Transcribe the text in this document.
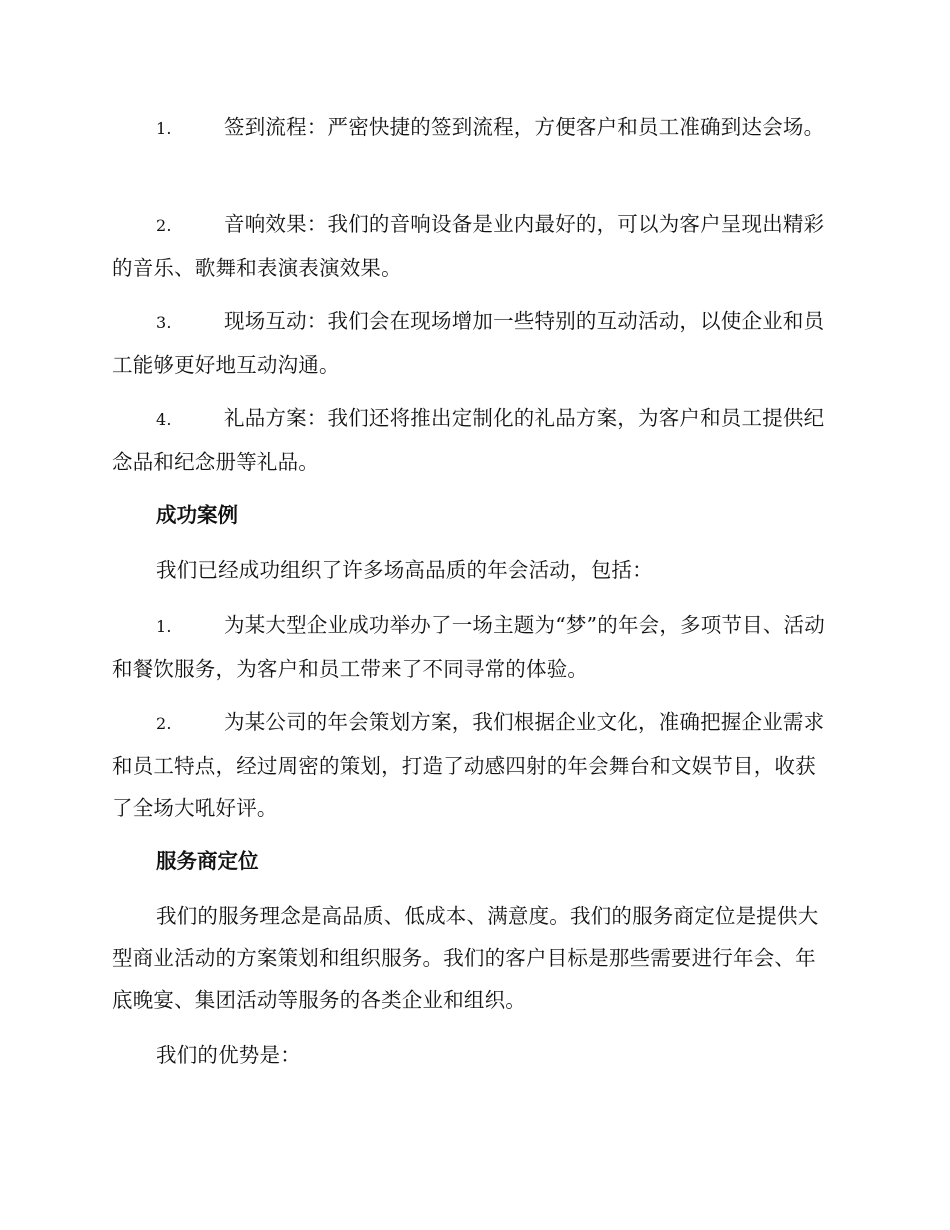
1.	签到流程：严密快捷的签到流程，方便客户和员工准确到达会场。
2.	音响效果：我们的音响设备是业内最好的，可以为客户呈现出精彩的音乐、歌舞和表演表演效果。
3.	现场互动：我们会在现场增加一些特别的互动活动，以使企业和员工能够更好地互动沟通。
4.	礼品方案：我们还将推出定制化的礼品方案，为客户和员工提供纪念品和纪念册等礼品。
成功案例
我们已经成功组织了许多场高品质的年会活动，包括：
1.	为某大型企业成功举办了一场主题为“梦”的年会，多项节目、活动和餐饮服务，为客户和员工带来了不同寻常的体验。
2.	为某公司的年会策划方案，我们根据企业文化，准确把握企业需求和员工特点，经过周密的策划，打造了动感四射的年会舞台和文娱节目，收获了全场大吼好评。
服务商定位
我们的服务理念是高品质、低成本、满意度。我们的服务商定位是提供大型商业活动的方案策划和组织服务。我们的客户目标是那些需要进行年会、年底晚宴、集团活动等服务的各类企业和组织。
我们的优势是：
